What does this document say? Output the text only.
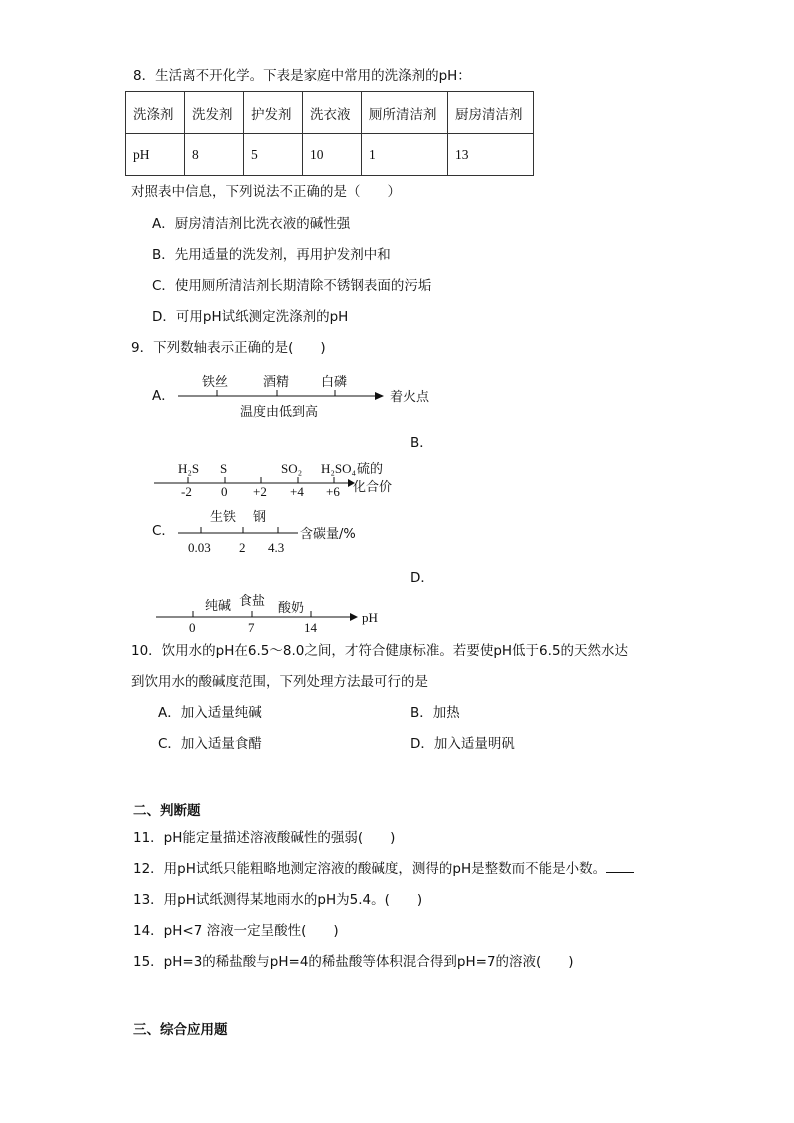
8．生活离不开化学。下表是家庭中常用的洗涤剂的pH：
洗涤剂	洗发剂	护发剂	洗衣液	厕所清洁剂	厨房清洁剂
pH	8	5	10	1	13
对照表中信息，下列说法不正确的是（　　）
A．厨房清洁剂比洗衣液的碱性强
B．先用适量的洗发剂，再用护发剂中和
C．使用厕所清洁剂长期清除不锈钢表面的污垢
D．可用pH试纸测定洗涤剂的pH
9．下列数轴表示正确的是(　　)
A．
铁丝	酒精 白磷
着火点
温度由低到高
B．
H₂S S	SO₂ H₂SO₄
-2 0 +2 +4 +6
硫的
化合价
C．
生铁 钢
0.03 2 4.3
含碳量/%
D．
纯碱 食盐 酸奶
0	7	14
pH
10．饮用水的pH在6.5～8.0之间，才符合健康标准。若要使pH低于6.5的天然水达
到饮用水的酸碱度范围，下列处理方法最可行的是
A．加入适量纯碱	B．加热
C．加入适量食醋	D．加入适量明矾
二、判断题
11．pH能定量描述溶液酸碱性的强弱(　　)
12．用pH试纸只能粗略地测定溶液的酸碱度，测得的pH是整数而不能是小数。
13．用pH试纸测得某地雨水的pH为5.4。(　　)
14．pH<7 溶液一定呈酸性(　　)
15．pH=3的稀盐酸与pH=4的稀盐酸等体积混合得到pH=7的溶液(　　)
三、综合应用题
